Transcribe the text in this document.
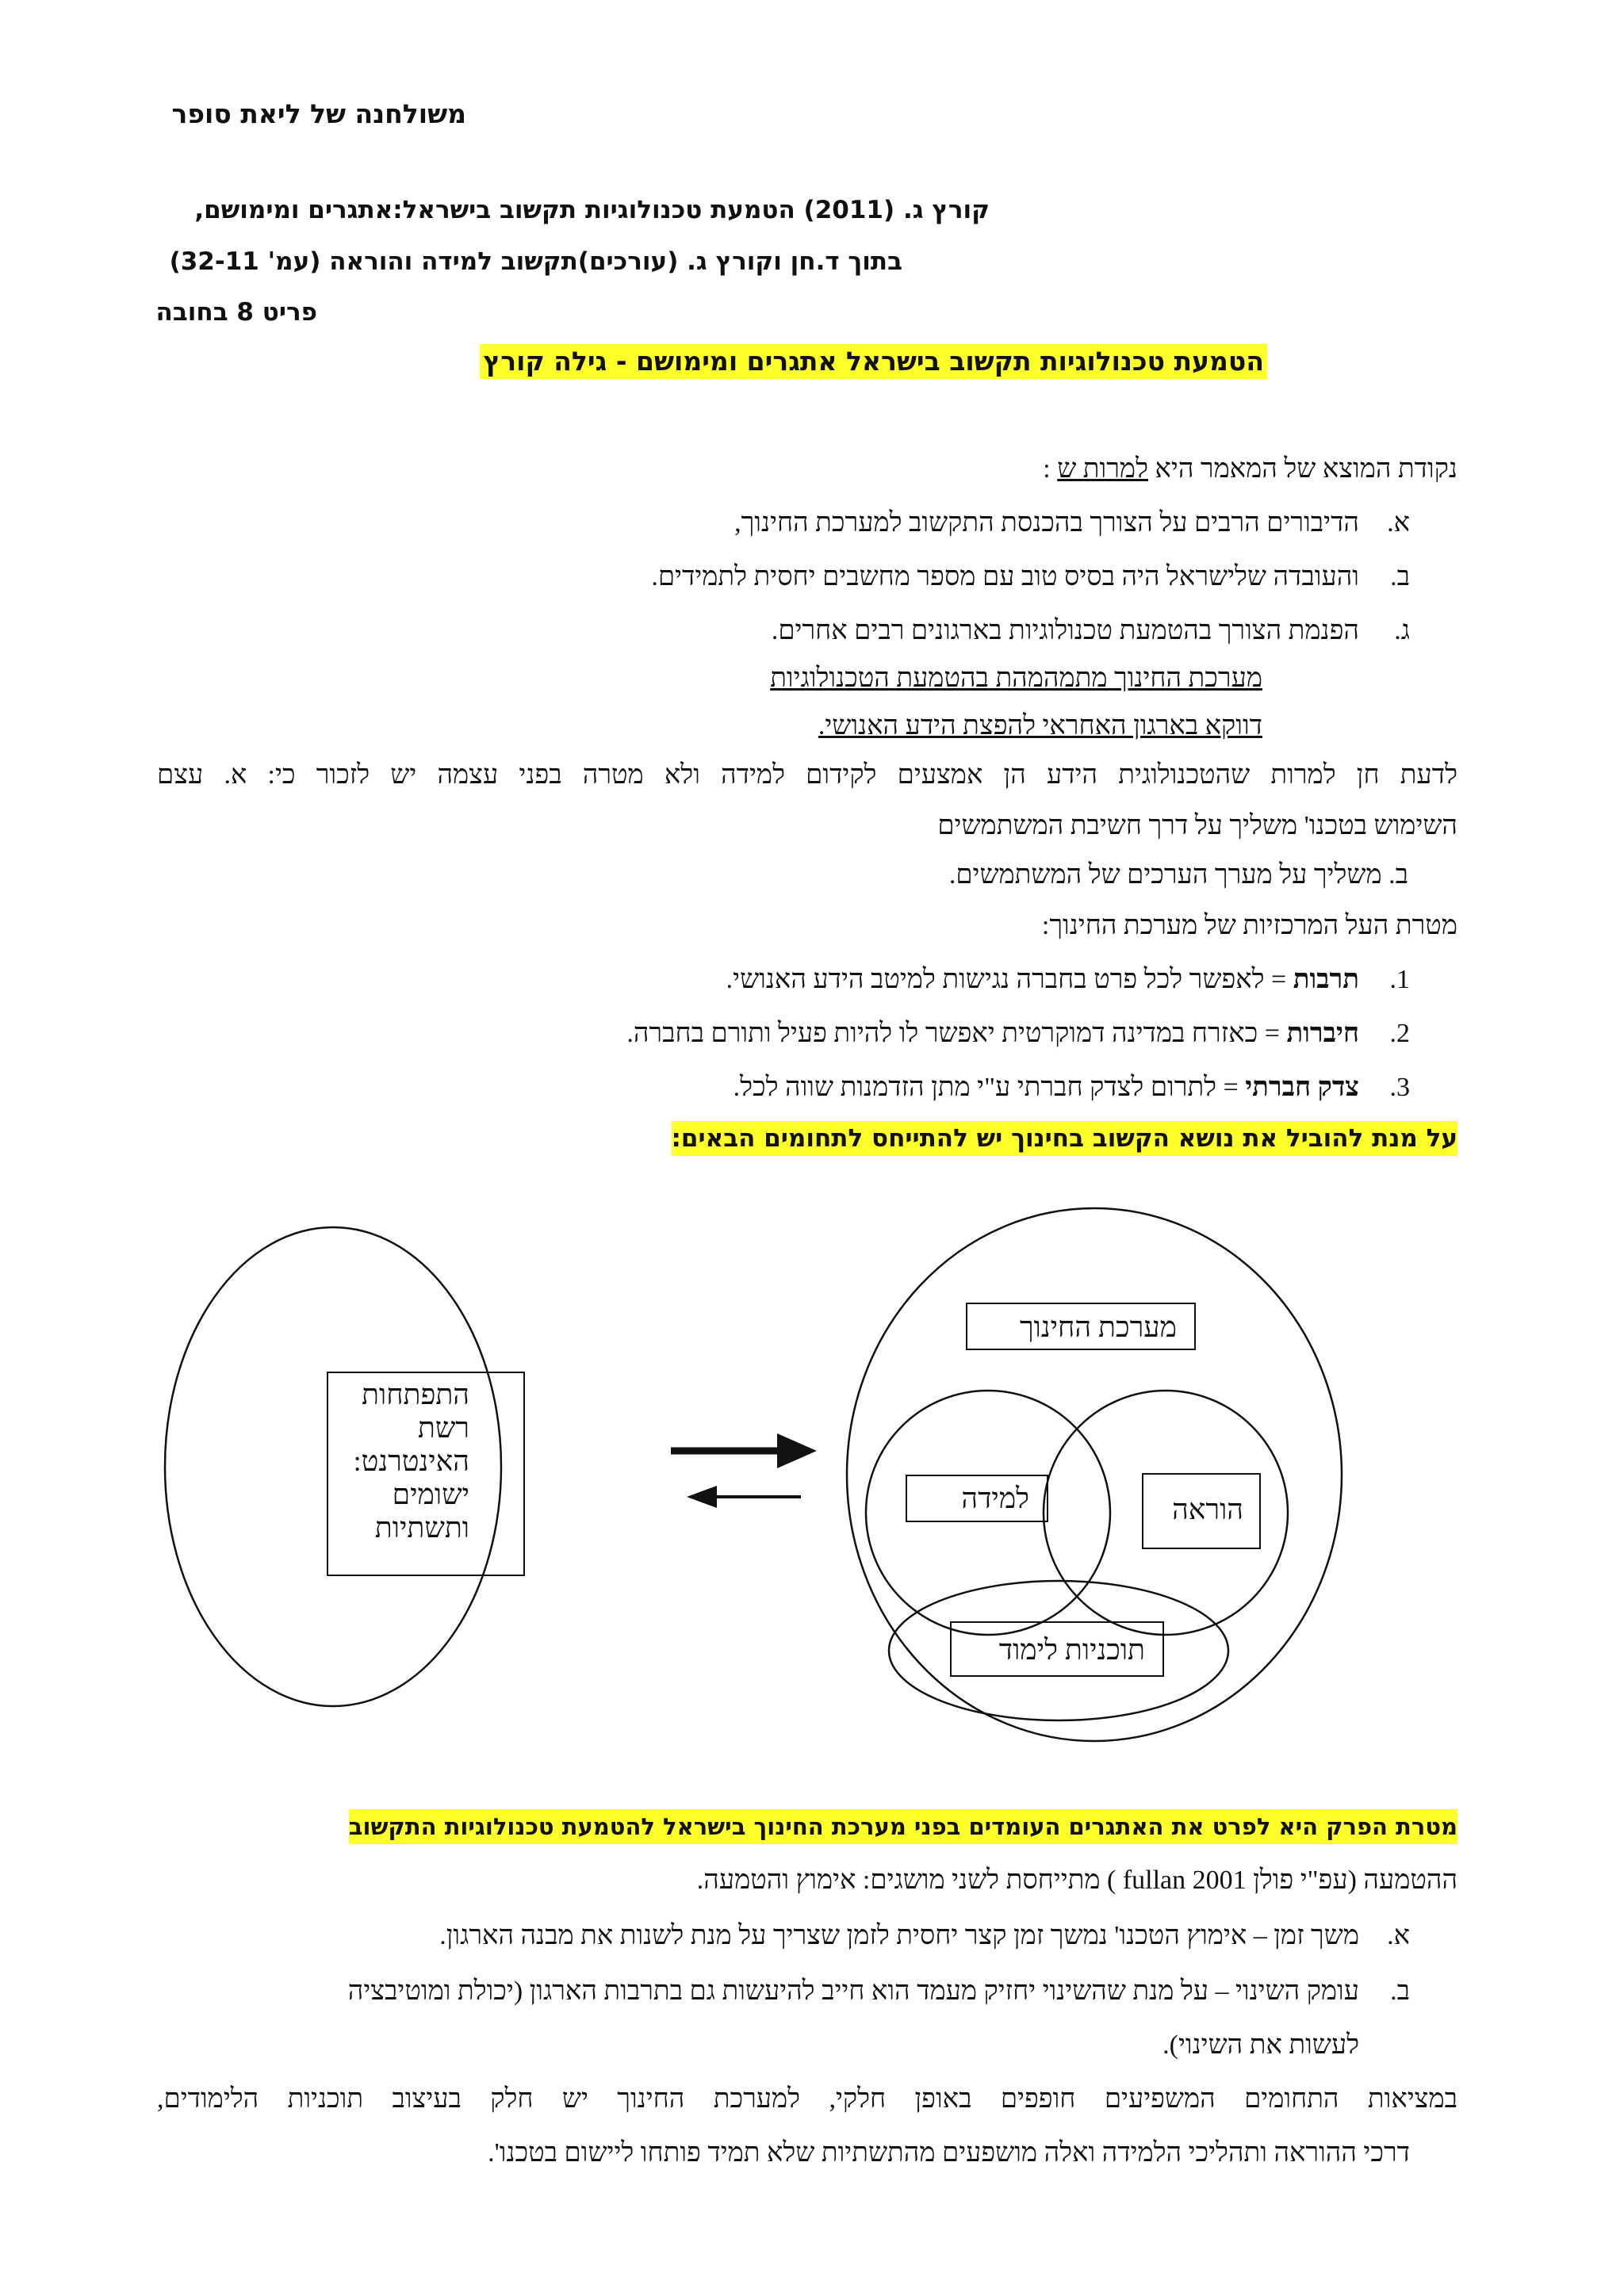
משולחנה של ליאת סופר
קורץ ג. (2011) הטמעת טכנולוגיות תקשוב בישראל:אתגרים ומימושם,
בתוך ד.חן וקורץ ג. (עורכים)תקשוב למידה והוראה (עמ' 32-11)
פריט 8 בחובה
הטמעת טכנולוגיות תקשוב בישראל אתגרים ומימושם - גילה קורץ
נקודת המוצא של המאמר היא למרות ש :
א.הדיבורים הרבים על הצורך בהכנסת התקשוב למערכת החינוך,
ב.והעובדה שלישראל היה בסיס טוב עם מספר מחשבים יחסית לתמידים.
ג.הפנמת הצורך בהטמעת טכנולוגיות בארגונים רבים אחרים.
מערכת החינוך מתמהמהת בהטמעת הטכנולוגיות
דווקא בארגון האחראי להפצת הידע האנושי.
לדעת חן למרות שהטכנולוגית הידע הן אמצעים לקידום למידה ולא מטרה בפני עצמה יש לזכור כי: א. עצם
השימוש בטכנו' משליך על דרך חשיבת המשתמשים
ב. משליך על מערך הערכים של המשתמשים.
מטרת העל המרכזיות של מערכת החינוך:
1.תרבות = לאפשר לכל פרט בחברה נגישות למיטב הידע האנושי.
2.חיברות = כאזרח במדינה דמוקרטית יאפשר לו להיות פעיל ותורם בחברה.
3.צדק חברתי = לתרום לצדק חברתי ע"י מתן הזדמנות שווה לכל.
על מנת להוביל את נושא הקשוב בחינוך יש להתייחס לתחומים הבאים:
התפתחות
רשת
האינטרנט:
ישומים
ותשתיות
מערכת החינוך
למידה	הוראה
תוכניות לימוד
מטרת הפרק היא לפרט את האתגרים העומדים בפני מערכת החינוך בישראל להטמעת טכנולוגיות התקשוב
ההטמעה (עפ"י פולן fullan 2001 ) מתייחסת לשני מושגים: אימוץ והטמעה.
א.משך זמן – אימוץ הטכנו' נמשך זמן קצר יחסית לזמן שצריך על מנת לשנות את מבנה הארגון.
ב.עומק השינוי – על מנת שהשינוי יחזיק מעמד הוא חייב להיעשות גם בתרבות הארגון (יכולת ומוטיבציה
לעשות את השינוי).
במציאות התחומים המשפיעים חופפים באופן חלקי, למערכת החינוך יש חלק בעיצוב תוכניות הלימודים,
דרכי ההוראה ותהליכי הלמידה ואלה מושפעים מהתשתיות שלא תמיד פותחו ליישום בטכנו'.
